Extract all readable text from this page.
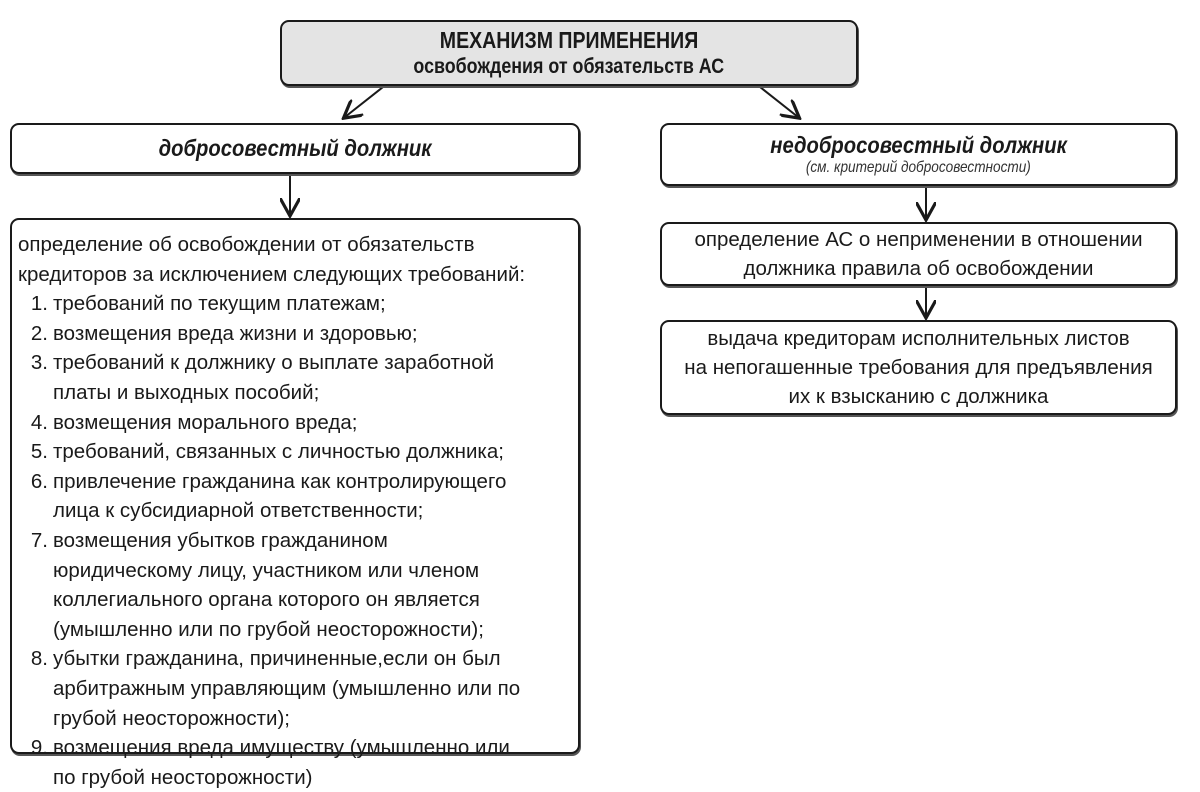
МЕХАНИЗМ ПРИМЕНЕНИЯ
освобождения от обязательств АС
добросовестный должник	недобросовестный должник
(см. критерий добросовестности)
определение об освобождении от обязательств
кредиторов за исключением следующих требований:
1. требований по текущим платежам;
2. возмещения вреда жизни и здоровью;
3. требований к должнику о выплате заработной
платы и выходных пособий;
4. возмещения морального вреда;
5. требований, связанных с личностью должника;
6. привлечение гражданина как контролирующего
лица к субсидиарной ответственности;
7. возмещения убытков гражданином
юридическому лицу, участником или членом
коллегиального органа которого он является
(умышленно или по грубой неосторожности);
8. убытки гражданина, причиненные,если он был
арбитражным управляющим (умышленно или по
грубой неосторожности);
9. возмещения вреда имуществу (умышленно или
по грубой неосторожности)
определение АС о неприменении в отношении
должника правила об освобождении
выдача кредиторам исполнительных листов
на непогашенные требования для предъявления
их к взысканию с должника
